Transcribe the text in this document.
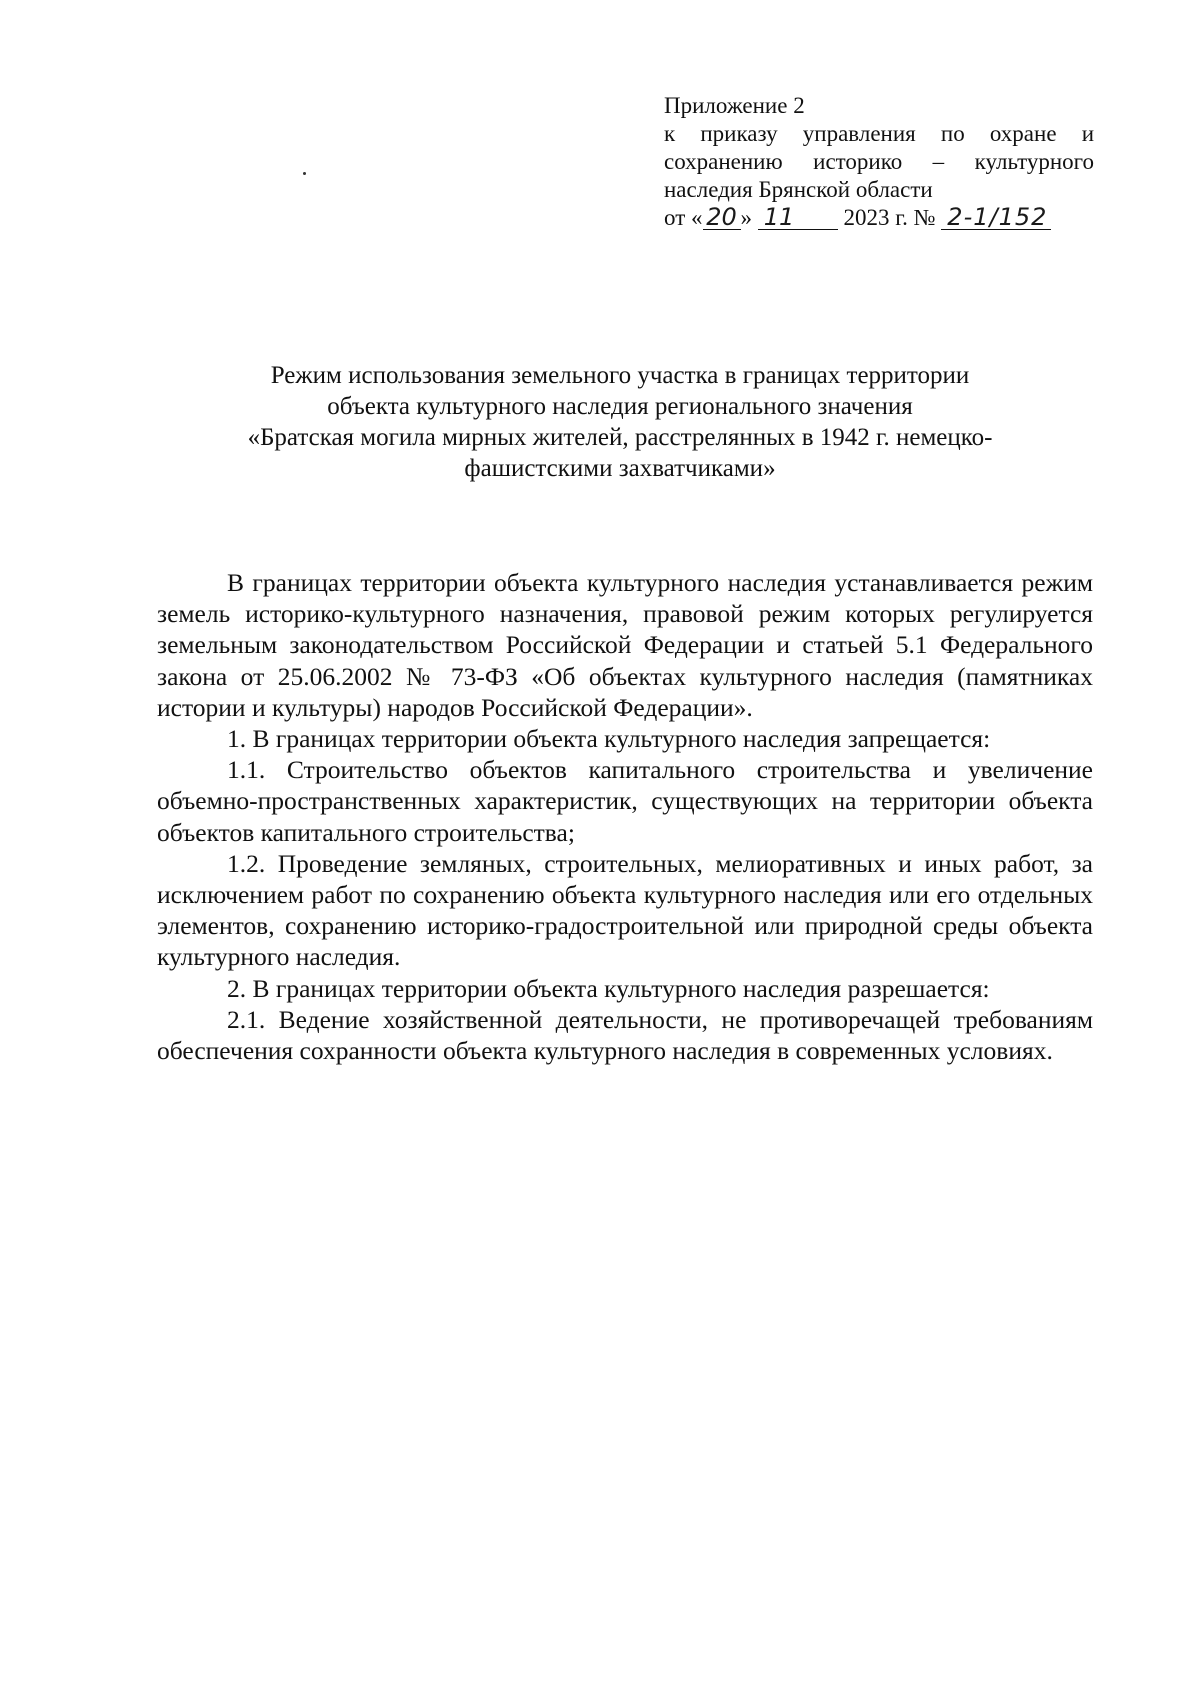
Приложение 2
к приказу управления по охране и
сохранению историко – культурного
наследия Брянской области
от « 20 » 11 2023 г. № 2-1/152
Режим использования земельного участка в границах территории
объекта культурного наследия регионального значения
«Братская могила мирных жителей, расстрелянных в 1942 г. немецко-
фашистскими захватчиками»

В границах территории объекта культурного наследия устанавливается режим земель историко-культурного назначения, правовой режим которых регулируется земельным законодательством Российской Федерации и статьей 5.1 Федерального закона от 25.06.2002 № 73-ФЗ «Об объектах культурного наследия (памятниках истории и культуры) народов Российской Федерации».

1. В границах территории объекта культурного наследия запрещается:

1.1. Строительство объектов капитального строительства и увеличение объемно-пространственных характеристик, существующих на территории объекта объектов капитального строительства;

1.2. Проведение земляных, строительных, мелиоративных и иных работ, за исключением работ по сохранению объекта культурного наследия или его отдельных элементов, сохранению историко-градостроительной или природной среды объекта культурного наследия.

2. В границах территории объекта культурного наследия разрешается:

2.1. Ведение хозяйственной деятельности, не противоречащей требованиям обеспечения сохранности объекта культурного наследия в современных условиях.
